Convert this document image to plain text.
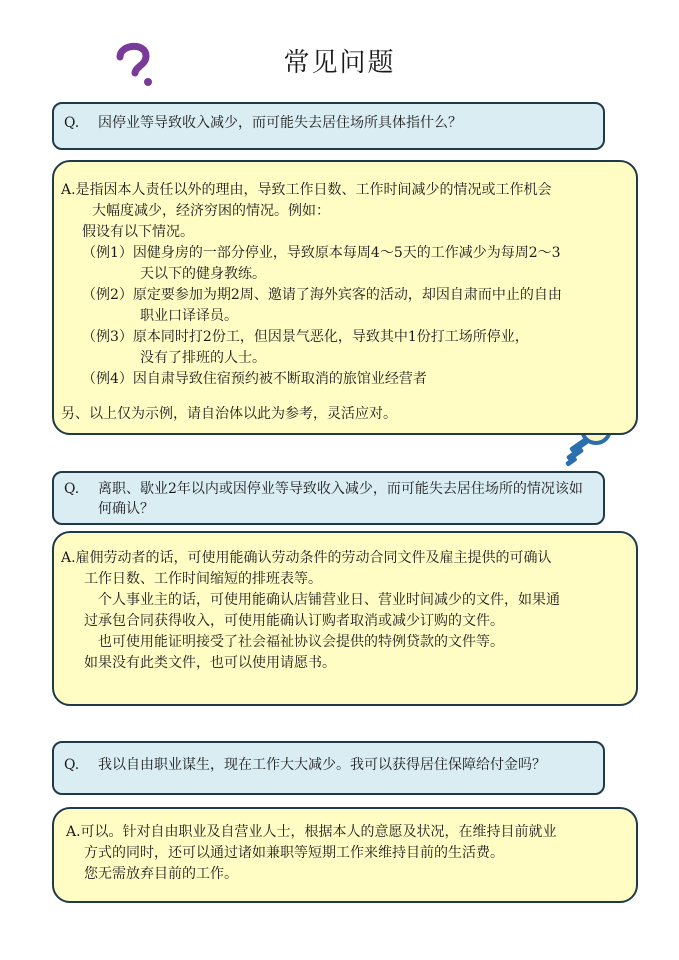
常见问题
Q. 因停业等导致收入减少，而可能失去居住场所具体指什么？
A.是指因本人责任以外的理由，导致工作日数、工作时间减少的情况或工作机会
大幅度减少，经济穷困的情况。例如：
假设有以下情况。
（例1）因健身房的一部分停业，导致原本每周4～5天的工作减少为每周2～3
天以下的健身教练。
（例2）原定要参加为期2周、邀请了海外宾客的活动，却因自肃而中止的自由
职业口译译员。
（例3）原本同时打2份工，但因景气恶化，导致其中1份打工场所停业，
没有了排班的人士。
（例4）因自肃导致住宿预约被不断取消的旅馆业经营者
另、以上仅为示例，请自治体以此为参考，灵活应对。
Q. 离职、歇业2年以内或因停业等导致收入减少，而可能失去居住场所的情况该如何确认？
A.雇佣劳动者的话，可使用能确认劳动条件的劳动合同文件及雇主提供的可确认
工作日数、工作时间缩短的排班表等。
个人事业主的话，可使用能确认店铺营业日、营业时间减少的文件，如果通
过承包合同获得收入，可使用能确认订购者取消或减少订购的文件。
也可使用能证明接受了社会福祉协议会提供的特例贷款的文件等。
如果没有此类文件，也可以使用请愿书。
Q. 我以自由职业谋生，现在工作大大减少。我可以获得居住保障给付金吗？
A.可以。针对自由职业及自营业人士，根据本人的意愿及状况，在维持目前就业
方式的同时，还可以通过诸如兼职等短期工作来维持目前的生活费。
您无需放弃目前的工作。
